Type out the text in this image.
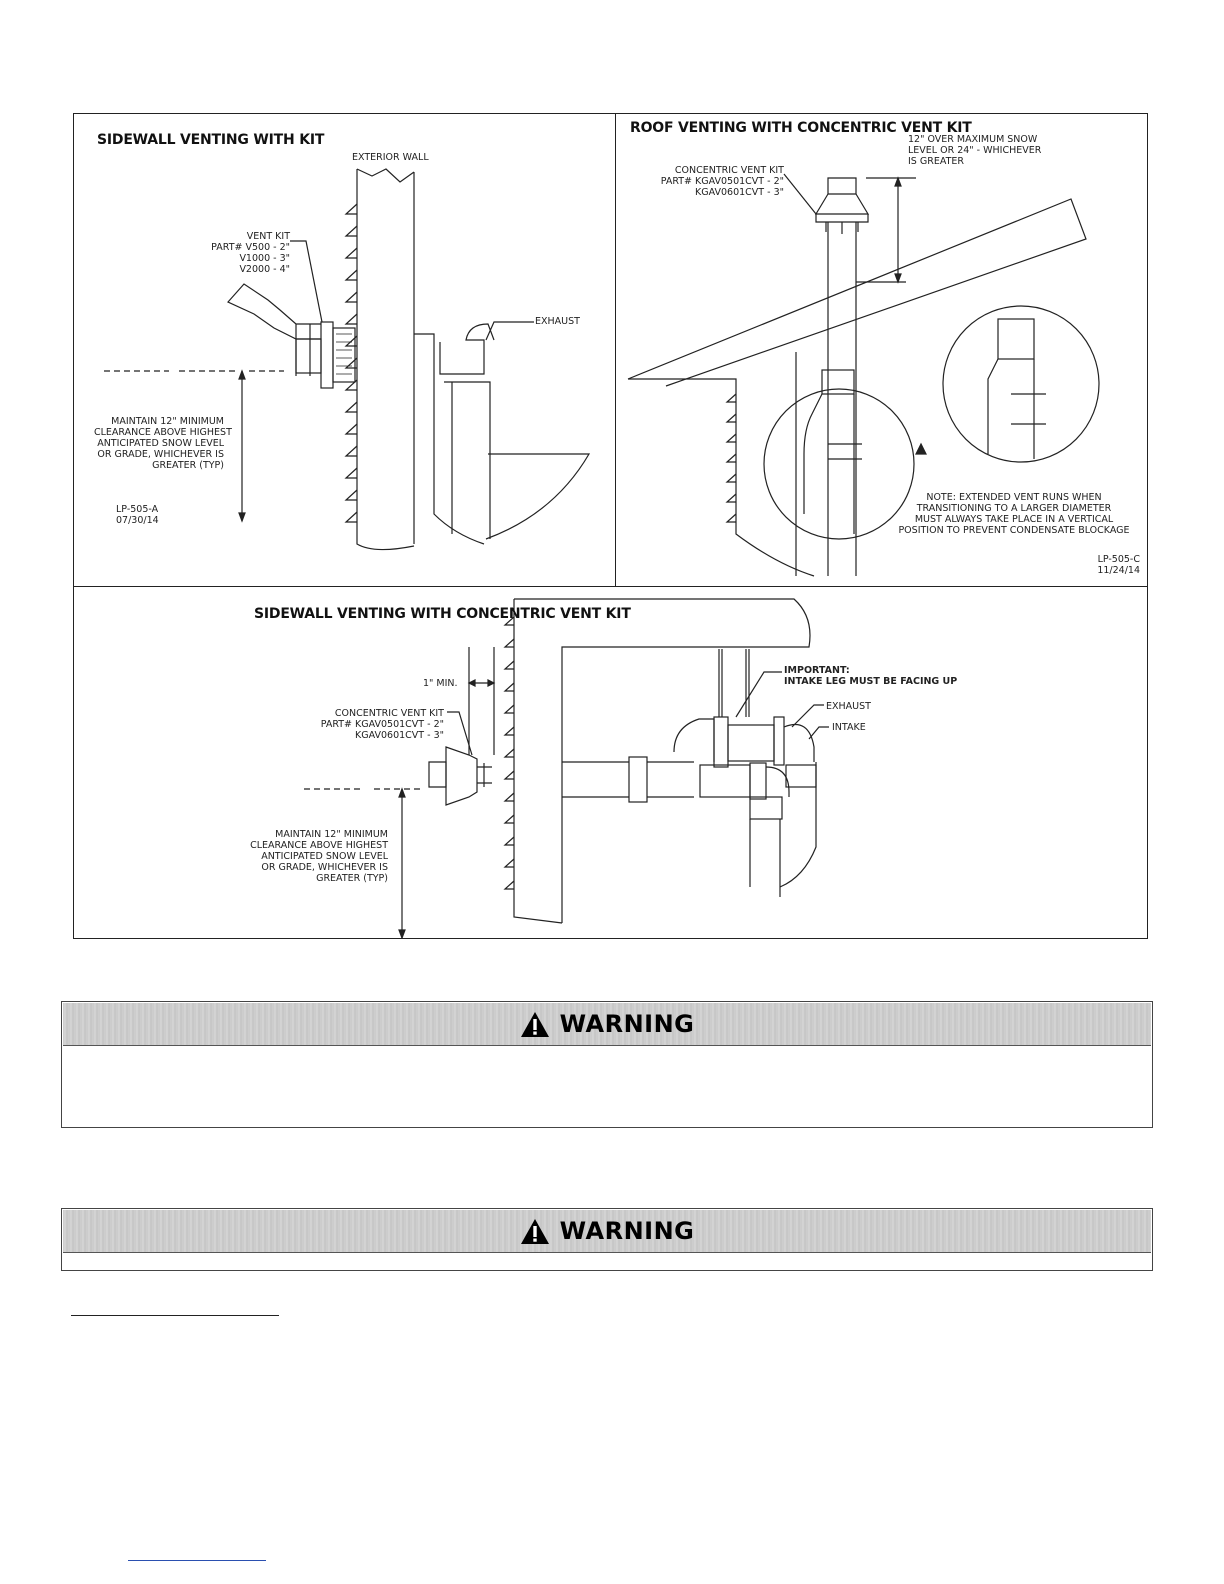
SIDEWALL VENTING WITH KIT
EXTERIOR WALL
VENT KIT
PART# V500 - 2"
V1000 - 3"
V2000 - 4"
EXHAUST
MAINTAIN 12" MINIMUM
CLEARANCE ABOVE HIGHEST
ANTICIPATED SNOW LEVEL
OR GRADE, WHICHEVER IS
GREATER (TYP)
LP-505-A
07/30/14
ROOF VENTING WITH CONCENTRIC VENT KIT
12" OVER MAXIMUM SNOW
LEVEL OR 24" - WHICHEVER
IS GREATER
CONCENTRIC VENT KIT
PART# KGAV0501CVT - 2"
KGAV0601CVT - 3"
NOTE: EXTENDED VENT RUNS WHEN
TRANSITIONING TO A LARGER DIAMETER
MUST ALWAYS TAKE PLACE IN A VERTICAL
POSITION TO PREVENT CONDENSATE BLOCKAGE
LP-505-C
11/24/14
SIDEWALL VENTING WITH CONCENTRIC VENT KIT
1" MIN.
CONCENTRIC VENT KIT
PART# KGAV0501CVT - 2"
KGAV0601CVT - 3"
IMPORTANT:
INTAKE LEG MUST BE FACING UP
EXHAUST
INTAKE
MAINTAIN 12" MINIMUM
CLEARANCE ABOVE HIGHEST
ANTICIPATED SNOW LEVEL
OR GRADE, WHICHEVER IS
GREATER (TYP)
WARNING
WARNING
